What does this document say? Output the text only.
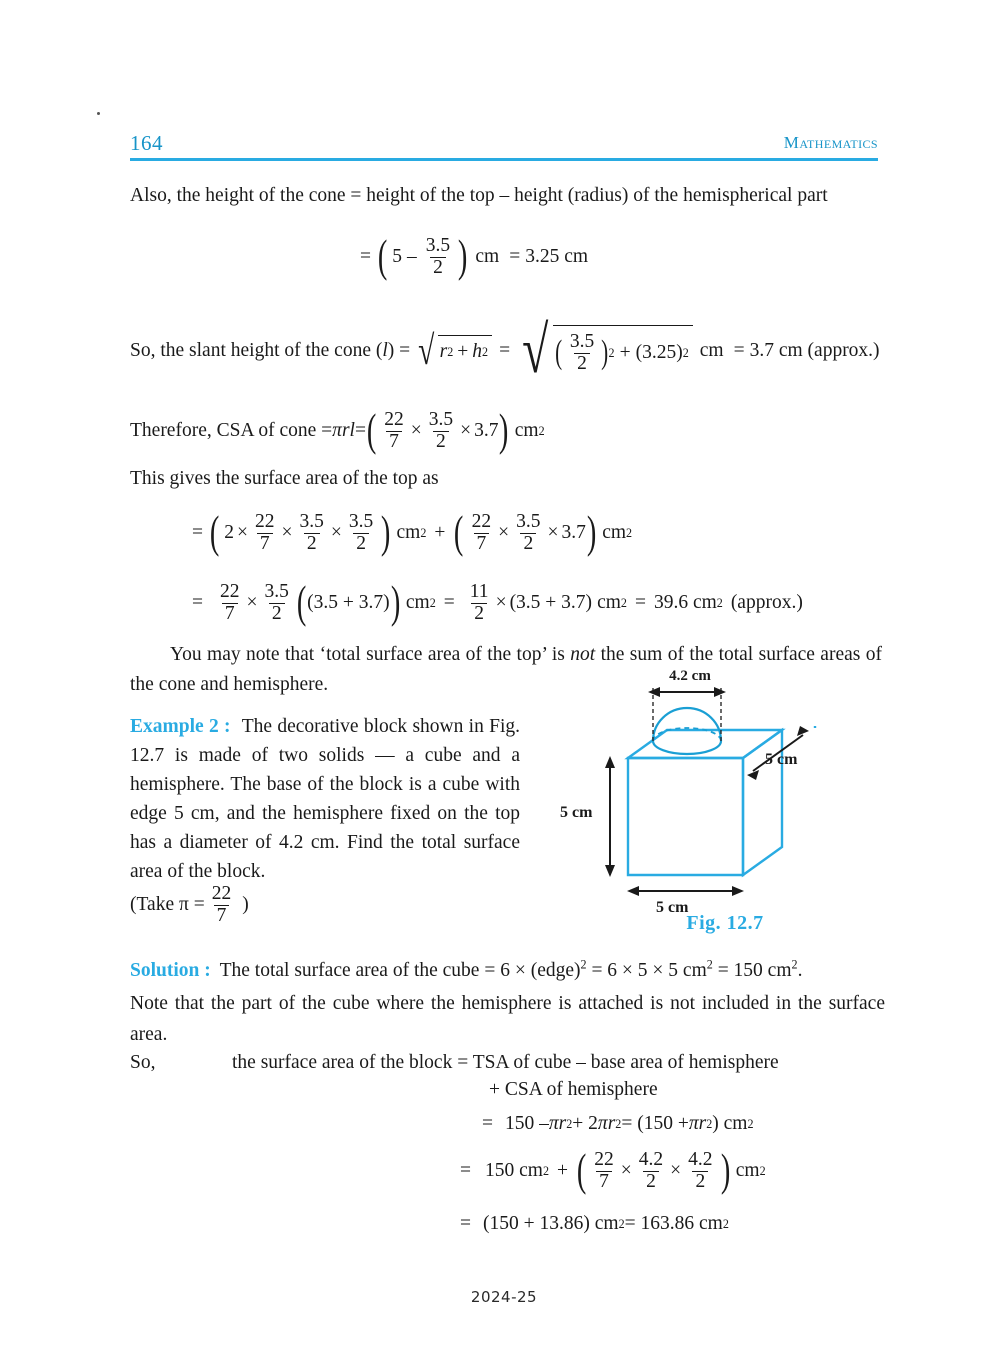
164	Mathematics
Also, the height of the cone = height of the top – height (radius) of the hemispherical part
= ( $5 - \frac{3.5}{2}$ ) cm = 3.25 cm
So, the slant height of the cone ( l ) = √ r 2 + h 2 = √ ( $\frac{3.5}{2}$ ) 2 + (3.25) 2 cm = 3.7 cm (approx.)
Therefore, CSA of cone = π rl = ( $\frac{22}{7} \times \frac{3.5}{2} \times 3.7$ ) cm 2
This gives the surface area of the top as
= ( $2 \times \frac{22}{7} \times \frac{3.5}{2} \times \frac{3.5}{2}$ ) cm 2 + ( $\frac{22}{7} \times \frac{3.5}{2} \times 3.7$ ) cm 2
= $\frac{22}{7} \times \frac{3.5}{2}$ ( (3.5 + 3.7) ) cm $2 = \frac{11}{2} \times (3.5 + 3.7)$ cm 2 = 39.6 cm 2 (approx.)
You may note that ‘total surface area of the top’ is not the sum of the total surface areas of the cone and hemisphere.
Example 2 : The decorative block shown in Fig. 12.7 is made of two solids — a cube and a hemisphere. The base of the block is a cube with edge 5 cm, and the hemisphere fixed on the top has a diameter of 4.2 cm. Find the total surface area of the block.
(Take $\pi = \frac{22}{7}$ )
4.2 cm
5 cm
5 cm
5 cm
Fig. 12.7
Solution : The total surface area of the cube = 6 × (edge)$^2$ = 6 × 5 × 5 $cm^2 = 150$ $cm^2$.
Note that the part of the cube where the hemisphere is attached is not included in the surface area.
So,	the surface area of the block = TSA of cube – base area of hemisphere
+ CSA of hemisphere
= 150 – π r 2 + 2 π r 2 = (150 + π r 2 ) cm 2
= 150 cm 2 + ( $\frac{22}{7} \times \frac{4.2}{2} \times \frac{4.2}{2}$ ) cm 2
= (150 + 13.86) cm 2 = 163.86 cm 2
2024-25
